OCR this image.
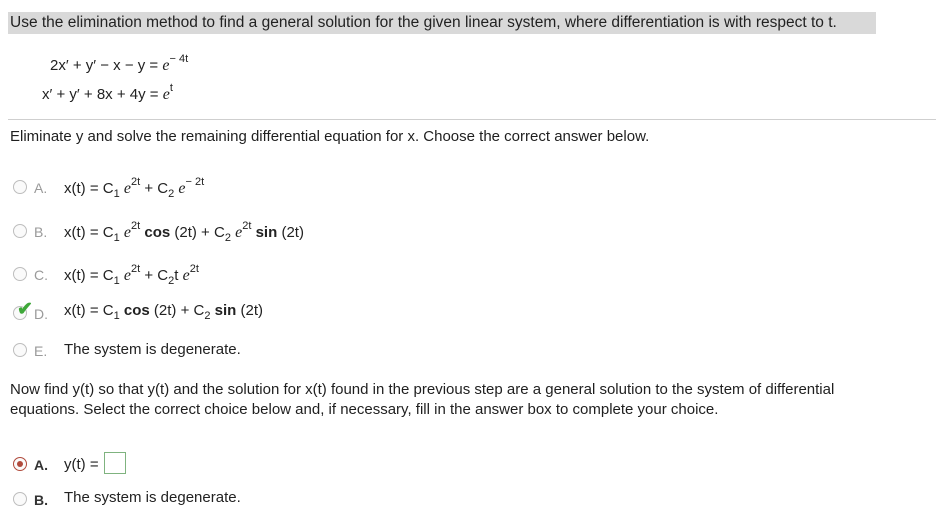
Use the elimination method to find a general solution for the given linear system, where differentiation is with respect to t.
$2x' + y' - x - y = e^{- 4t}$
$x' + y' + 8x + 4y = e^t$
Eliminate y and solve the remaining differential equation for x. Choose the correct answer below.
A. $x(t) = C_1$ $e^{2t} + C_2$ $e^{- 2t}$
B. $x(t) = C_1$ $e^{2t}$ $\cos (2t) + C_2$ $e^{2t}$ sin (2t)
C. $x(t) = C_1$ $e^{2t} + C_2t$ $e^{2t}$
✔ D. $x(t) = C_1$ $\cos (2t) + C_2$ sin (2t)
E. The system is degenerate.
Now find y(t) so that y(t) and the solution for x(t) found in the previous step are a general solution to the system of differential
equations. Select the correct choice below and, if necessary, fill in the answer box to complete your choice.
A. y(t) =
B. The system is degenerate.
